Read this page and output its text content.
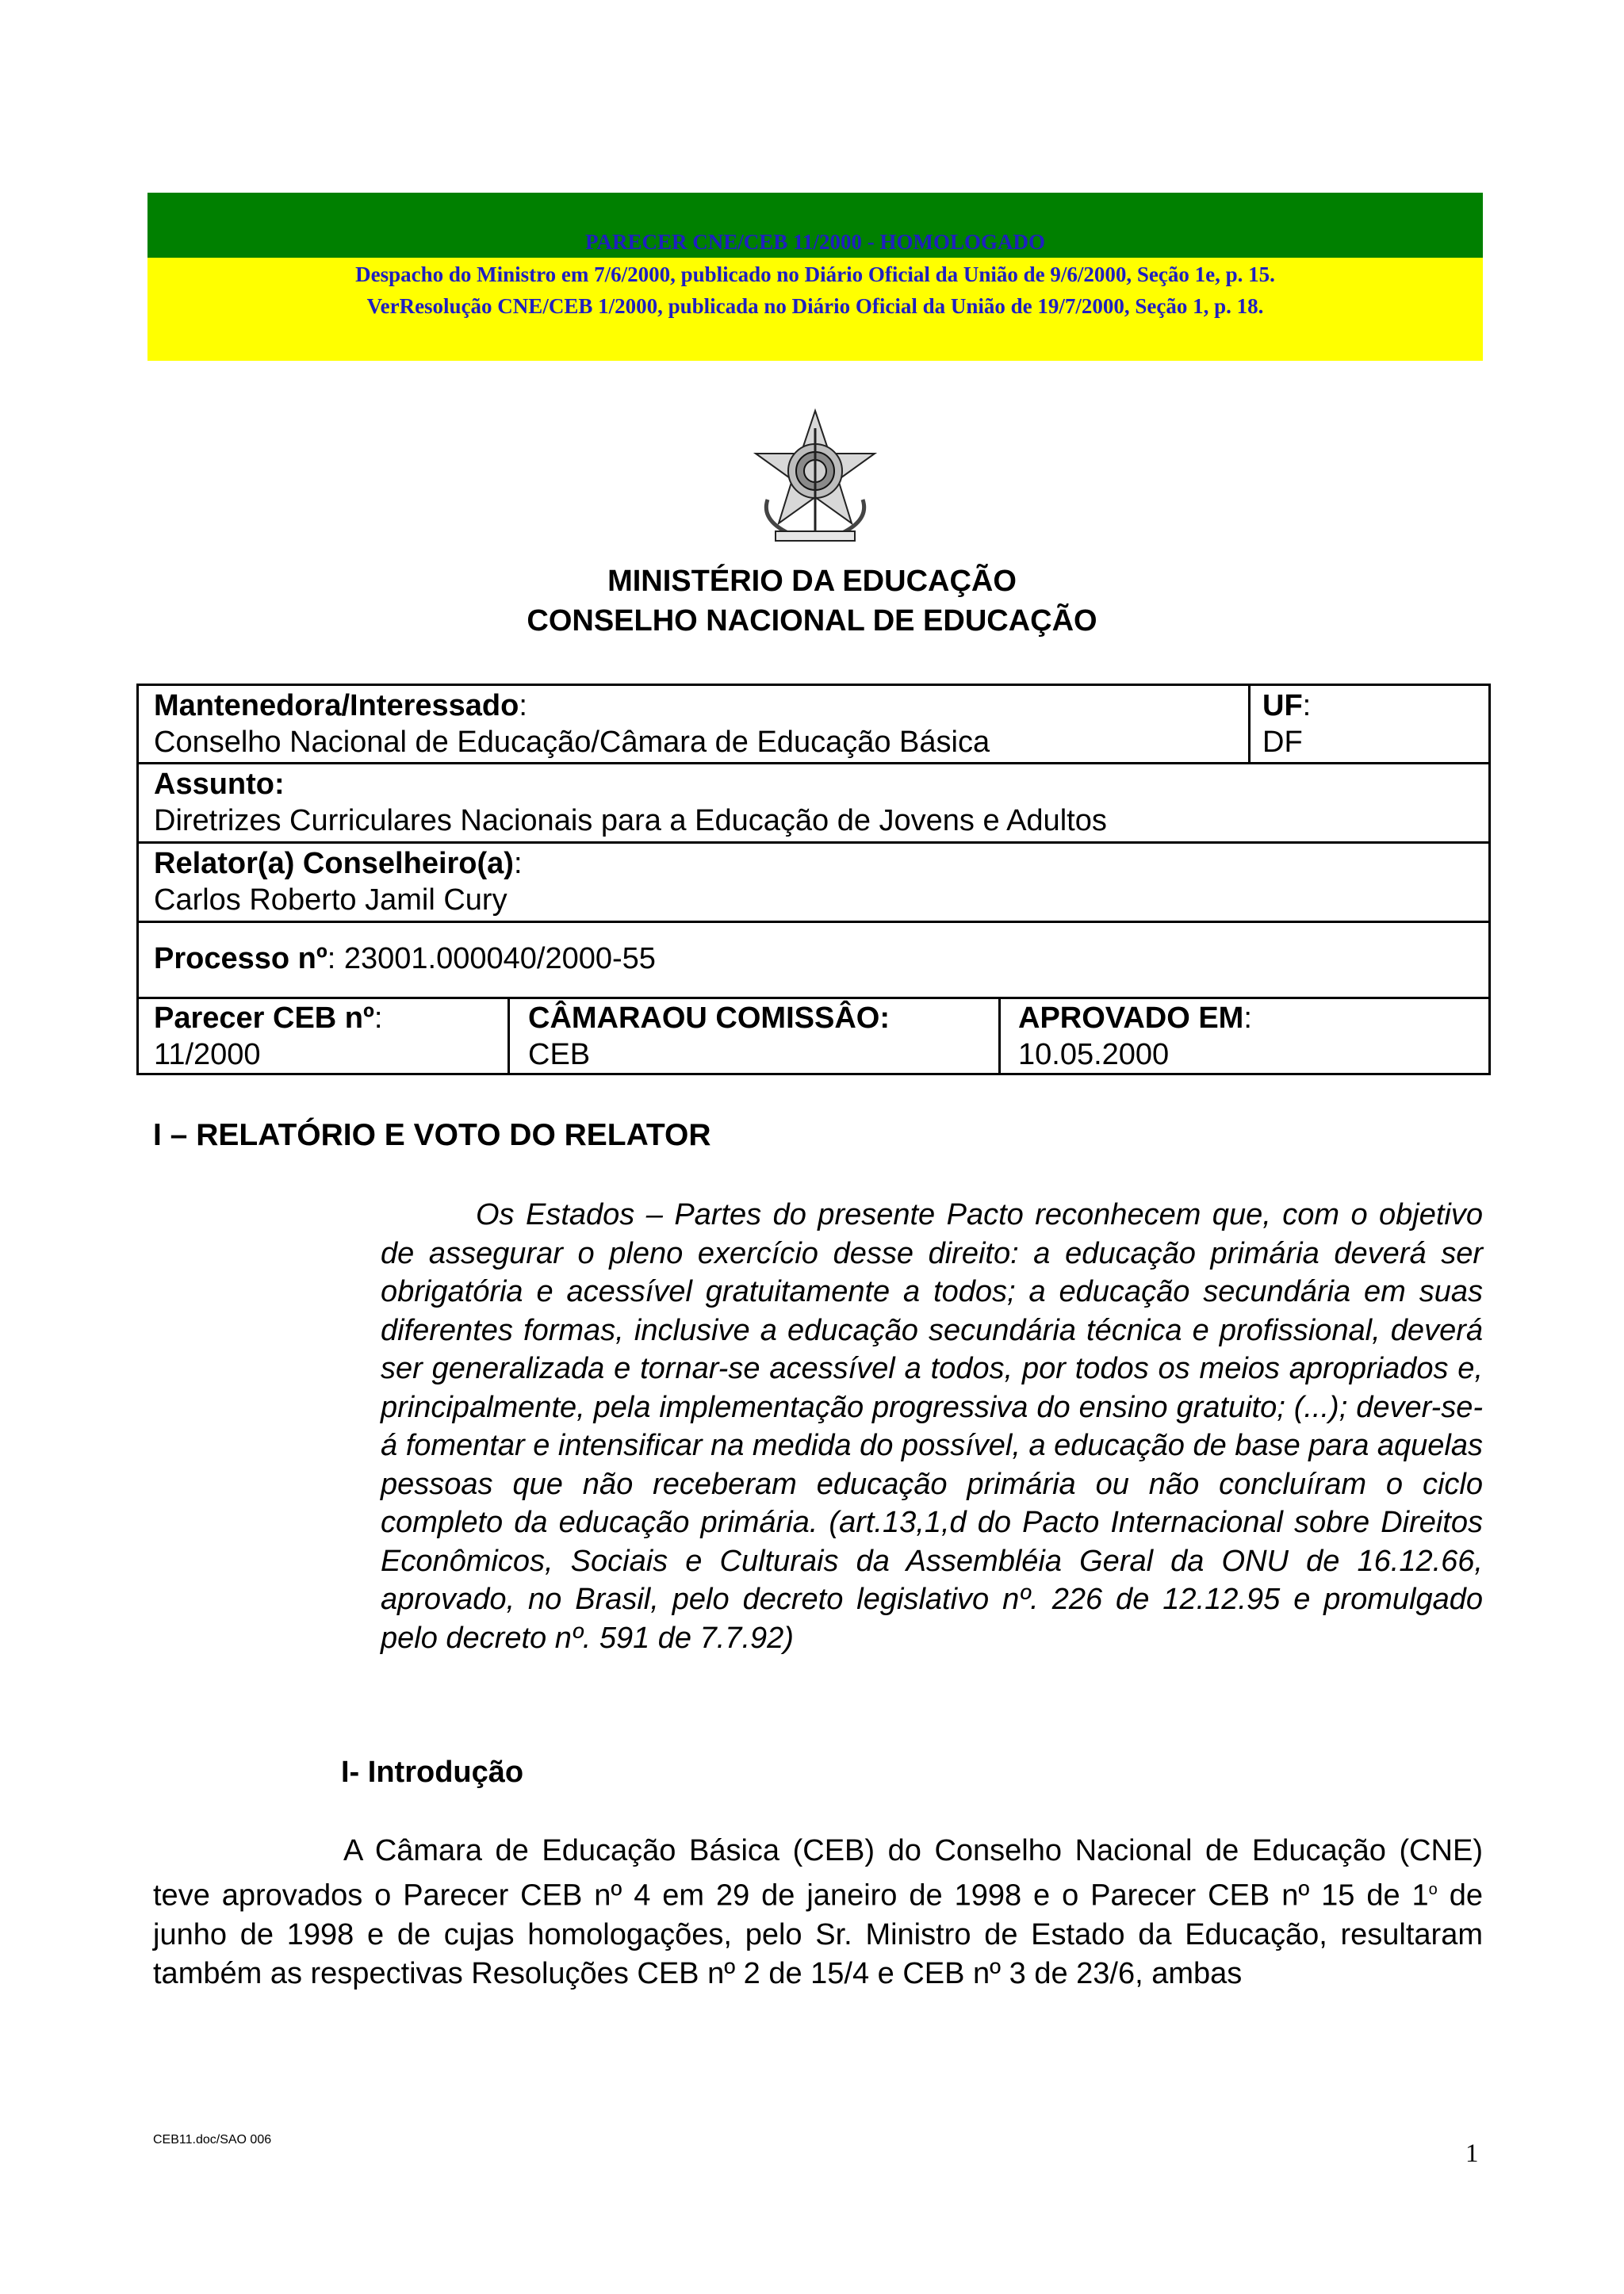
PARECER CNE/CEB 11/2000 - HOMOLOGADO
Despacho do Ministro em 7/6/2000, publicado no Diário Oficial da União de 9/6/2000, Seção 1e, p. 15.
VerResolução CNE/CEB 1/2000, publicada no Diário Oficial da União de 19/7/2000, Seção 1, p. 18.
MINISTÉRIO DA EDUCAÇÃO
CONSELHO NACIONAL DE EDUCAÇÃO
Mantenedora/Interessado:
Conselho Nacional de Educação/Câmara de Educação Básica
UF:
DF
Assunto:
Diretrizes Curriculares Nacionais para a Educação de Jovens e Adultos
Relator(a) Conselheiro(a):
Carlos Roberto Jamil Cury
Processo nº: 23001.000040/2000-55
Parecer CEB nº:
11/2000
CÂMARAOU COMISSÂO:
CEB
APROVADO EM:
10.05.2000
I – RELATÓRIO E VOTO DO RELATOR

Os Estados – Partes do presente Pacto reconhecem que, com o objetivo de assegurar o pleno exercício desse direito: a educação primária deverá ser obrigatória e acessível gratuitamente a todos; a educação secundária em suas diferentes formas, inclusive a educação secundária técnica e profissional, deverá ser generalizada e tornar-se acessível a todos, por todos os meios apropriados e, principalmente, pela implementação progressiva do ensino gratuito; (...); dever-se-á fomentar e intensificar na medida do possível, a educação de base para aquelas pessoas que não receberam educação primária ou não concluíram o ciclo completo da educação primária. (art.13,1,d do Pacto Internacional sobre Direitos Econômicos, Sociais e Culturais da Assembléia Geral da ONU de 16.12.66, aprovado, no Brasil, pelo decreto legislativo nº. 226 de 12.12.95 e promulgado pelo decreto nº. 591 de 7.7.92)

I- Introdução

A Câmara de Educação Básica (CEB) do Conselho Nacional de Educação (CNE) teve aprovados o Parecer CEB nº 4 em 29 de janeiro de 1998 e o Parecer CEB nº 15 de 1$^o$ de junho de 1998 e de cujas homologações, pelo Sr. Ministro de Estado da Educação, resultaram também as respectivas Resoluções CEB nº 2 de 15/4 e CEB nº 3 de 23/6, ambas

CEB11.doc/SAO 006	1
